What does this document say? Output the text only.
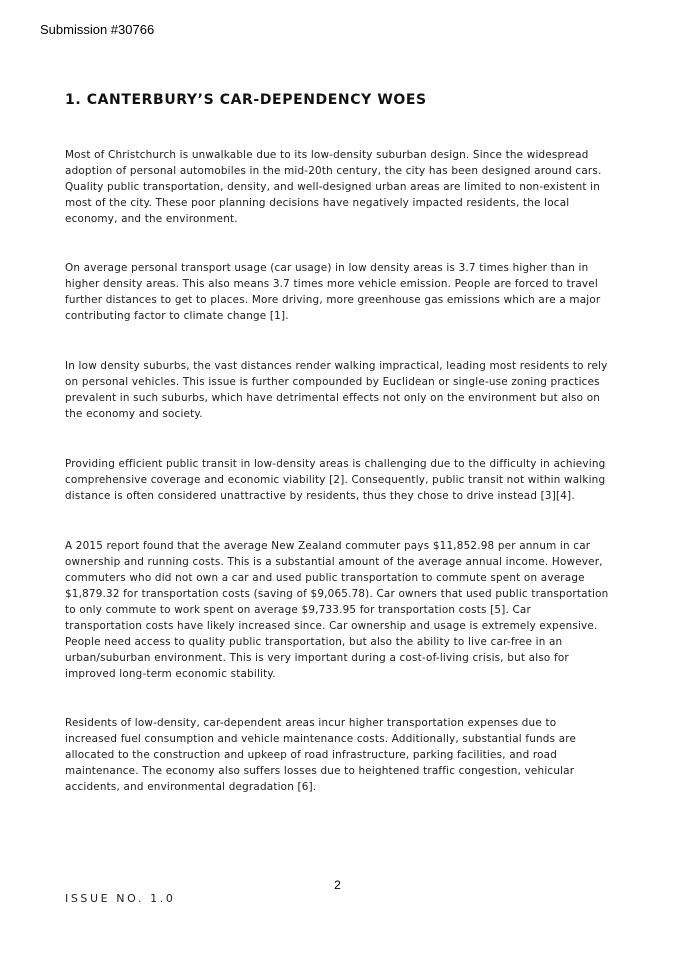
Submission #30766
1. CANTERBURY’S CAR-DEPENDENCY WOES

Most of Christchurch is unwalkable due to its low-density suburban design. Since the widespread adoption of personal automobiles in the mid-20th century, the city has been designed around cars. Quality public transportation, density, and well-designed urban areas are limited to non-existent in most of the city. These poor planning decisions have negatively impacted residents, the local economy, and the environment.

On average personal transport usage (car usage) in low density areas is 3.7 times higher than in higher density areas. This also means 3.7 times more vehicle emission. People are forced to travel further distances to get to places. More driving, more greenhouse gas emissions which are a major contributing factor to climate change [1].

In low density suburbs, the vast distances render walking impractical, leading most residents to rely on personal vehicles. This issue is further compounded by Euclidean or single-use zoning practices prevalent in such suburbs, which have detrimental effects not only on the environment but also on the economy and society.

Providing efficient public transit in low-density areas is challenging due to the difficulty in achieving comprehensive coverage and economic viability [2]. Consequently, public transit not within walking distance is often considered unattractive by residents, thus they chose to drive instead [3][4].

A 2015 report found that the average New Zealand commuter pays $11,852.98 per annum in car ownership and running costs. This is a substantial amount of the average annual income. However, commuters who did not own a car and used public transportation to commute spent on average $1,879.32 for transportation costs (saving of $9,065.78). Car owners that used public transportation to only commute to work spent on average $9,733.95 for transportation costs [5]. Car transportation costs have likely increased since. Car ownership and usage is extremely expensive. People need access to quality public transportation, but also the ability to live car-free in an urban/suburban environment. This is very important during a cost-of-living crisis, but also for improved long-term economic stability.

Residents of low-density, car-dependent areas incur higher transportation expenses due to increased fuel consumption and vehicle maintenance costs. Additionally, substantial funds are allocated to the construction and upkeep of road infrastructure, parking facilities, and road maintenance. The economy also suffers losses due to heightened traffic congestion, vehicular accidents, and environmental degradation [6].

2
ISSUE NO. 1.0
